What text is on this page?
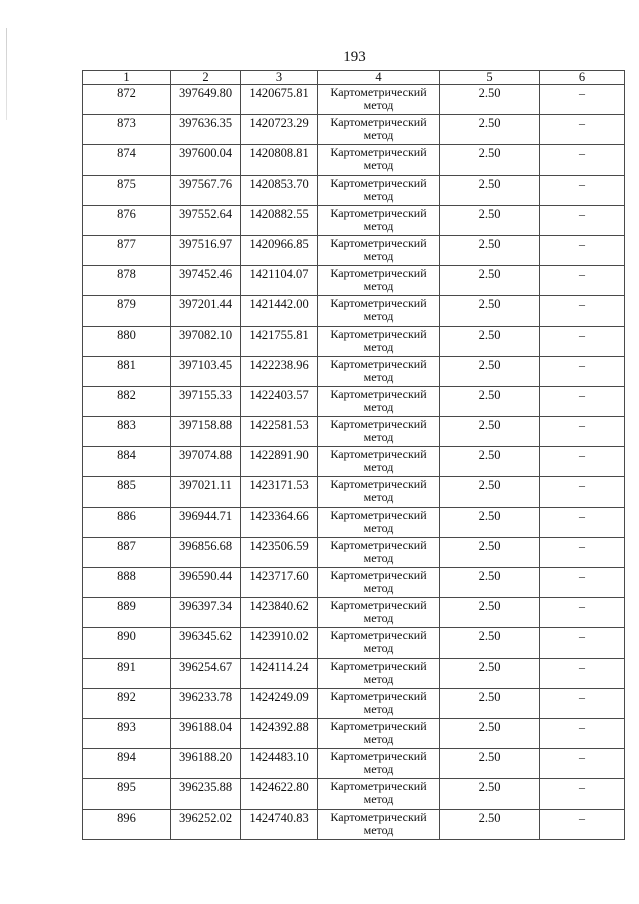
193
1	2	3	4	5	6
872	397649.80	1420675.81	Картометрический метод	2.50	–
873	397636.35	1420723.29	Картометрический метод	2.50	–
874	397600.04	1420808.81	Картометрический метод	2.50	–
875	397567.76	1420853.70	Картометрический метод	2.50	–
876	397552.64	1420882.55	Картометрический метод	2.50	–
877	397516.97	1420966.85	Картометрический метод	2.50	–
878	397452.46	1421104.07	Картометрический метод	2.50	–
879	397201.44	1421442.00	Картометрический метод	2.50	–
880	397082.10	1421755.81	Картометрический метод	2.50	–
881	397103.45	1422238.96	Картометрический метод	2.50	–
882	397155.33	1422403.57	Картометрический метод	2.50	–
883	397158.88	1422581.53	Картометрический метод	2.50	–
884	397074.88	1422891.90	Картометрический метод	2.50	–
885	397021.11	1423171.53	Картометрический метод	2.50	–
886	396944.71	1423364.66	Картометрический метод	2.50	–
887	396856.68	1423506.59	Картометрический метод	2.50	–
888	396590.44	1423717.60	Картометрический метод	2.50	–
889	396397.34	1423840.62	Картометрический метод	2.50	–
890	396345.62	1423910.02	Картометрический метод	2.50	–
891	396254.67	1424114.24	Картометрический метод	2.50	–
892	396233.78	1424249.09	Картометрический метод	2.50	–
893	396188.04	1424392.88	Картометрический метод	2.50	–
894	396188.20	1424483.10	Картометрический метод	2.50	–
895	396235.88	1424622.80	Картометрический метод	2.50	–
896	396252.02	1424740.83	Картометрический метод	2.50	–
